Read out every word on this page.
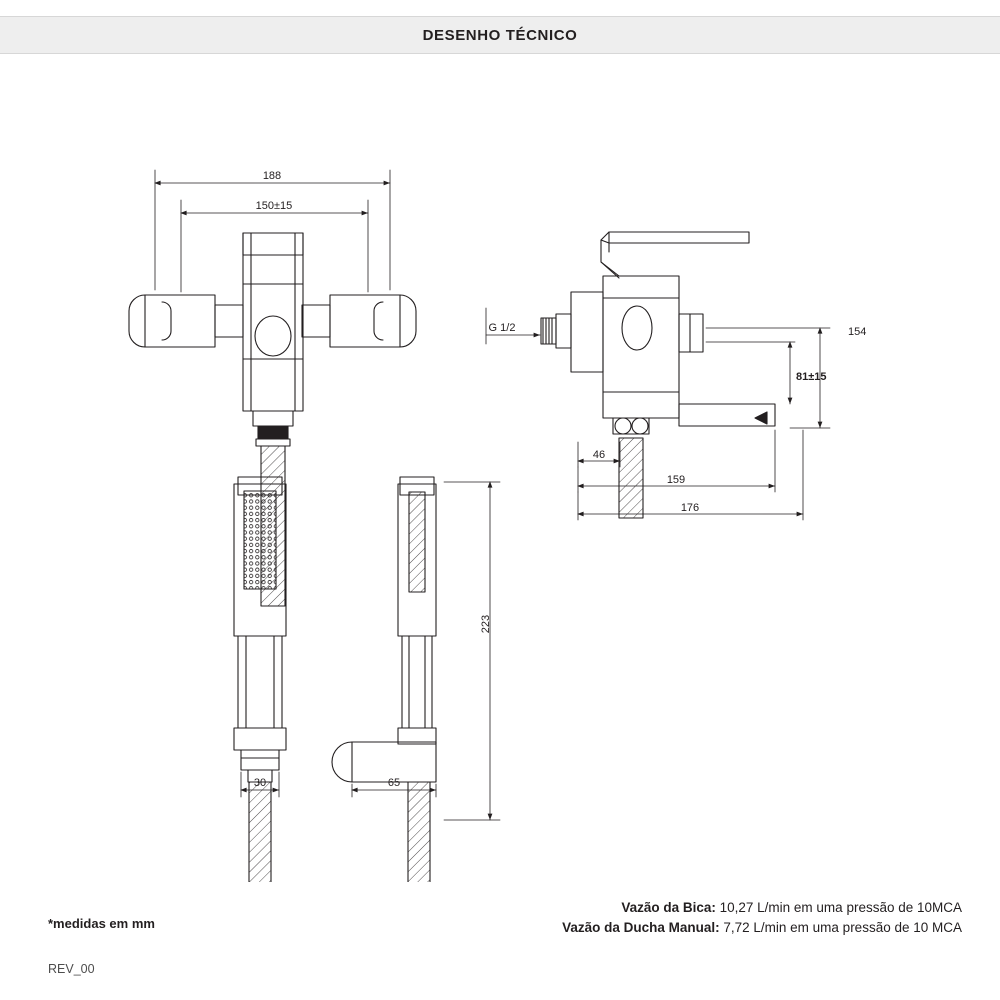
DESENHO TÉCNICO
188
150±15
G 1/2	154
81±15
46
159
176
223
30	65
*medidas em mm
Vazão da Bica: 10,27 L/min em uma pressão de 10MCA
Vazão da Ducha Manual: 7,72 L/min em uma pressão de 10 MCA
REV_00
